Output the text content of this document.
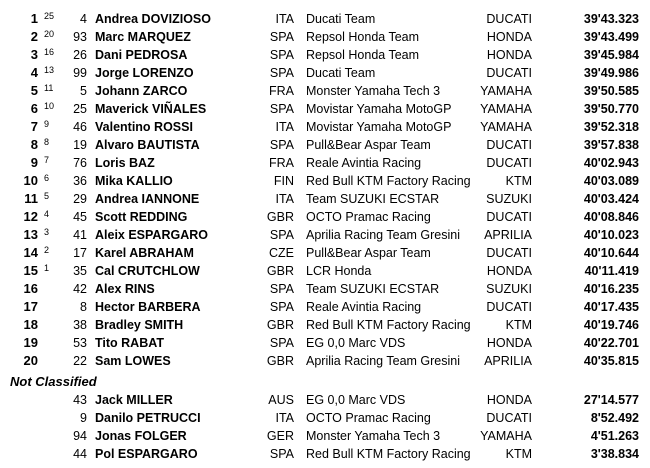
1 25 4 Andrea DOVIZIOSO	ITA Ducati Team	DUCATI	39'43.323
2 20 93 Marc MARQUEZ	SPA Repsol Honda Team	HONDA	39'43.499
3 16 26 Dani PEDROSA	SPA Repsol Honda Team	HONDA	39'45.984
4 13 99 Jorge LORENZO	SPA Ducati Team	DUCATI	39'49.986
5 11 5 Johann ZARCO	FRA Monster Yamaha Tech 3	YAMAHA	39'50.585
6 10 25 Maverick VIÑALES	SPA Movistar Yamaha MotoGP YAMAHA	39'50.770
7 9 46 Valentino ROSSI	ITA Movistar Yamaha MotoGP YAMAHA	39'52.318
8 8 19 Alvaro BAUTISTA	SPA Pull&Bear Aspar Team	DUCATI	39'57.838
9 7 76 Loris BAZ	FRA Reale Avintia Racing	DUCATI	40'02.943
10 6 36 Mika KALLIO	FIN Red Bull KTM Factory Racing	KTM	40'03.089
11 5 29 Andrea IANNONE	ITA Team SUZUKI ECSTAR	SUZUKI	40'03.424
12 4 45 Scott REDDING	GBR OCTO Pramac Racing	DUCATI	40'08.846
13 3 41 Aleix ESPARGARO	SPA Aprilia Racing Team Gresini APRILIA	40'10.023
14 2 17 Karel ABRAHAM	CZE Pull&Bear Aspar Team	DUCATI	40'10.644
15 1 35 Cal CRUTCHLOW	GBR LCR Honda	HONDA	40'11.419
16	42 Alex RINS	SPA Team SUZUKI ECSTAR	SUZUKI	40'16.235
17	8 Hector BARBERA	SPA Reale Avintia Racing	DUCATI	40'17.435
18	38 Bradley SMITH	GBR Red Bull KTM Factory Racing	KTM	40'19.746
19	53 Tito RABAT	SPA EG 0,0 Marc VDS	HONDA	40'22.701
20	22 Sam LOWES	GBR Aprilia Racing Team Gresini APRILIA	40'35.815
Not Classified
43 Jack MILLER	AUS EG 0,0 Marc VDS	HONDA	27'14.577
9 Danilo PETRUCCI	ITA OCTO Pramac Racing	DUCATI	8'52.492
94 Jonas FOLGER	GER Monster Yamaha Tech 3	YAMAHA	4'51.263
44 Pol ESPARGARO	SPA Red Bull KTM Factory Racing	KTM	3'38.834
